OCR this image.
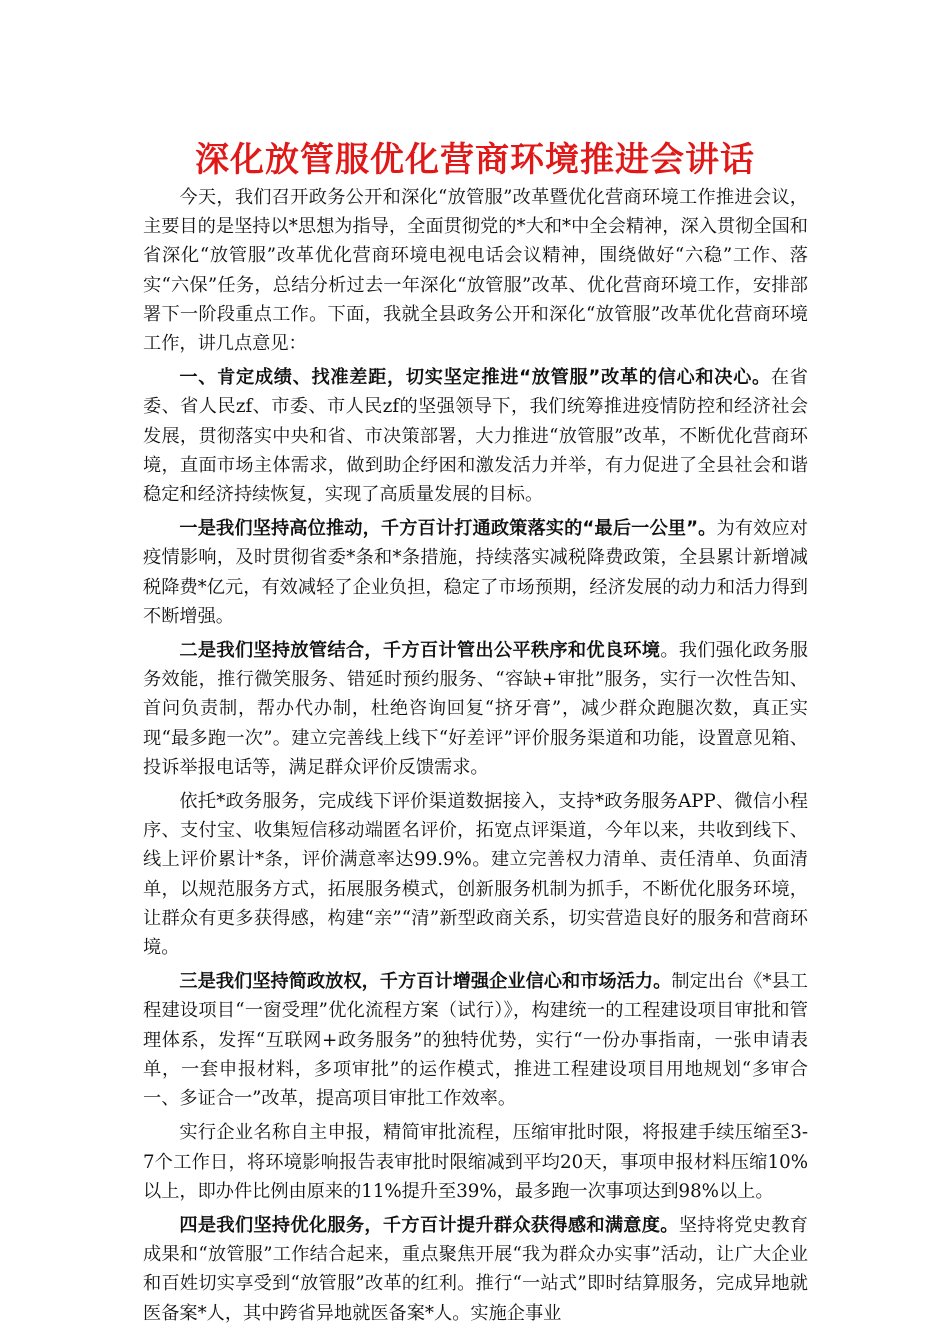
深化放管服优化营商环境推进会讲话

今天，我们召开政务公开和深化“放管服”改革暨优化营商环境工作推进会议，主要目的是坚持以*思想为指导，全面贯彻党的*大和*中全会精神，深入贯彻全国和省深化“放管服”改革优化营商环境电视电话会议精神，围绕做好“六稳”工作、落实“六保”任务，总结分析过去一年深化“放管服”改革、优化营商环境工作，安排部署下一阶段重点工作。下面，我就全县政务公开和深化“放管服”改革优化营商环境工作，讲几点意见：

一、肯定成绩、找准差距，切实坚定推进“放管服”改革的信心和决心。在省委、省人民zf、市委、市人民zf的坚强领导下，我们统筹推进疫情防控和经济社会发展，贯彻落实中央和省、市决策部署，大力推进“放管服”改革，不断优化营商环境，直面市场主体需求，做到助企纾困和激发活力并举，有力促进了全县社会和谐稳定和经济持续恢复，实现了高质量发展的目标。

一是我们坚持高位推动，千方百计打通政策落实的“最后一公里”。为有效应对疫情影响，及时贯彻省委*条和*条措施，持续落实减税降费政策，全县累计新增减税降费*亿元，有效减轻了企业负担，稳定了市场预期，经济发展的动力和活力得到不断增强。

二是我们坚持放管结合，千方百计管出公平秩序和优良环境。我们强化政务服务效能，推行微笑服务、错延时预约服务、“容缺+审批”服务，实行一次性告知、首问负责制，帮办代办制，杜绝咨询回复“挤牙膏”，减少群众跑腿次数，真正实现“最多跑一次”。建立完善线上线下“好差评”评价服务渠道和功能，设置意见箱、投诉举报电话等，满足群众评价反馈需求。

依托*政务服务，完成线下评价渠道数据接入，支持*政务服务APP、微信小程序、支付宝、收集短信移动端匿名评价，拓宽点评渠道，今年以来，共收到线下、线上评价累计*条，评价满意率达99.9%。建立完善权力清单、责任清单、负面清单，以规范服务方式，拓展服务模式，创新服务机制为抓手，不断优化服务环境，让群众有更多获得感，构建“亲”“清”新型政商关系，切实营造良好的服务和营商环境。

三是我们坚持简政放权，千方百计增强企业信心和市场活力。制定出台《*县工程建设项目“一窗受理”优化流程方案（试行）》，构建统一的工程建设项目审批和管理体系，发挥“互联网+政务服务”的独特优势，实行“一份办事指南，一张申请表单，一套申报材料，多项审批”的运作模式，推进工程建设项目用地规划“多审合一、多证合一”改革，提高项目审批工作效率。

实行企业名称自主申报，精简审批流程，压缩审批时限，将报建手续压缩至3-7个工作日，将环境影响报告表审批时限缩减到平均20天，事项申报材料压缩10%以上，即办件比例由原来的11%提升至39%，最多跑一次事项达到98%以上。

四是我们坚持优化服务，千方百计提升群众获得感和满意度。坚持将党史教育成果和“放管服”工作结合起来，重点聚焦开展“我为群众办实事”活动，让广大企业和百姓切实享受到“放管服”改革的红利。推行“一站式”即时结算服务，完成异地就医备案*人，其中跨省异地就医备案*人。实施企事业
